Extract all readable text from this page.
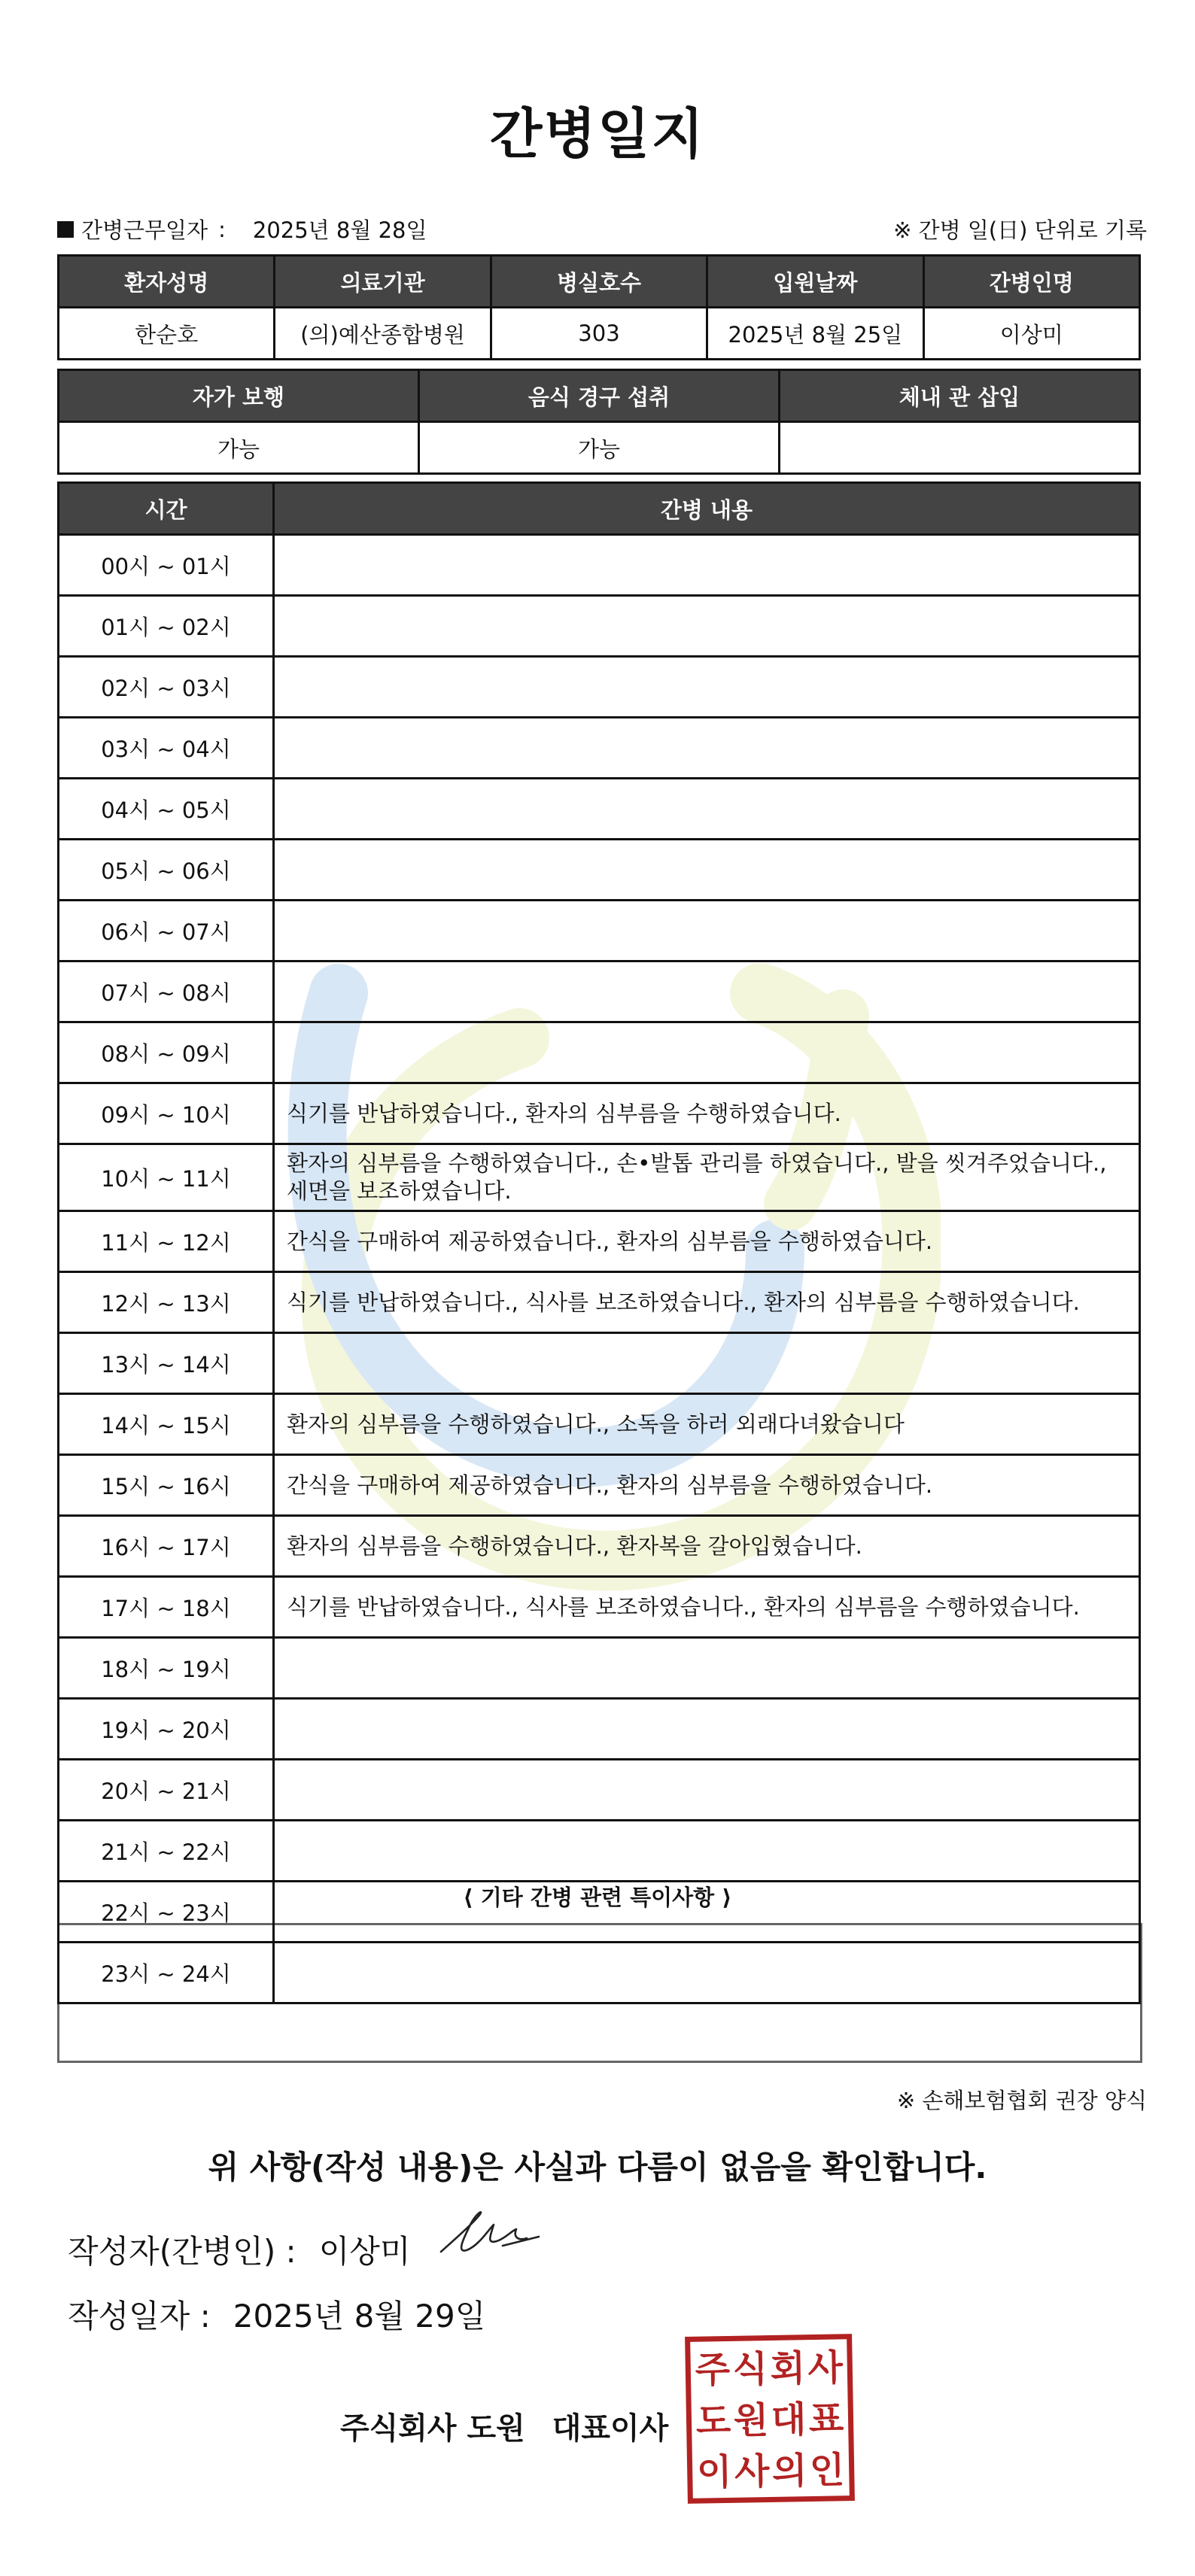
간병일지
간병근무일자 : 2025년 8월 28일	※ 간병 일(日) 단위로 기록
환자성명	의료기관	병실호수	입원날짜	간병인명
한순호	(의)예산종합병원	303	2025년 8월 25일	이상미
자가 보행	음식 경구 섭취	체내 관 삽입
가능	가능	
시간	간병 내용
00시 ~ 01시	
01시 ~ 02시	
02시 ~ 03시	
03시 ~ 04시	
04시 ~ 05시	
05시 ~ 06시	
06시 ~ 07시	
07시 ~ 08시	
08시 ~ 09시	
09시 ~ 10시	식기를 반납하였습니다., 환자의 심부름을 수행하였습니다.
10시 ~ 11시	환자의 심부름을 수행하였습니다., 손•발톱 관리를 하였습니다., 발을 씻겨주었습니다., 세면을 보조하였습니다.
11시 ~ 12시	간식을 구매하여 제공하였습니다., 환자의 심부름을 수행하였습니다.
12시 ~ 13시	식기를 반납하였습니다., 식사를 보조하였습니다., 환자의 심부름을 수행하였습니다.
13시 ~ 14시	
14시 ~ 15시	환자의 심부름을 수행하였습니다., 소독을 하러 외래다녀왔습니다
15시 ~ 16시	간식을 구매하여 제공하였습니다., 환자의 심부름을 수행하였습니다.
16시 ~ 17시	환자의 심부름을 수행하였습니다., 환자복을 갈아입혔습니다.
17시 ~ 18시	식기를 반납하였습니다., 식사를 보조하였습니다., 환자의 심부름을 수행하였습니다.
18시 ~ 19시	
19시 ~ 20시	
20시 ~ 21시	
21시 ~ 22시	
22시 ~ 23시	
23시 ~ 24시	
⟨ 기타 간병 관련 특이사항 ⟩
※ 손해보험협회 권장 양식
위 사항(작성 내용)은 사실과 다름이 없음을 확인합니다.
작성자(간병인) : 이상미
작성일자 : 2025년 8월 29일
주식회사 도원 대표이사
주 식 회 사
도 원 대 표
이 사 의 인
